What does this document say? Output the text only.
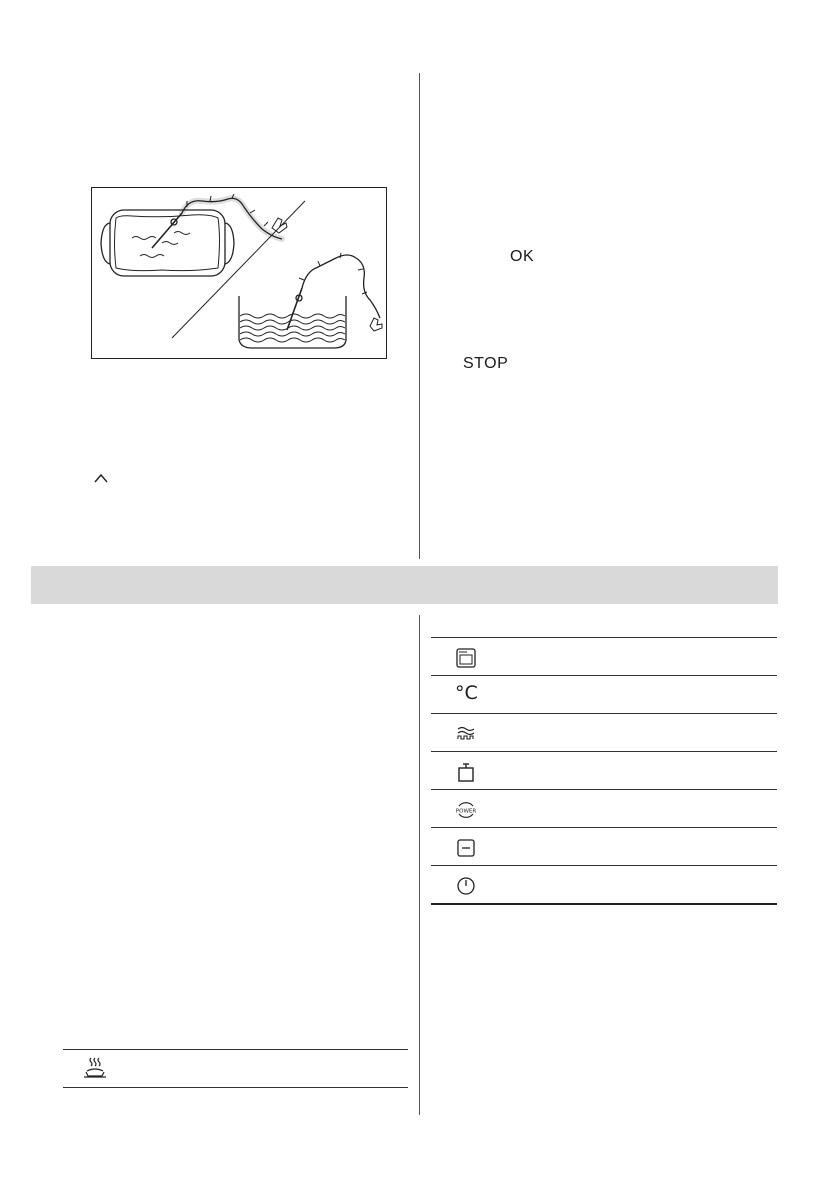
OK
STOP
°C
POWER
